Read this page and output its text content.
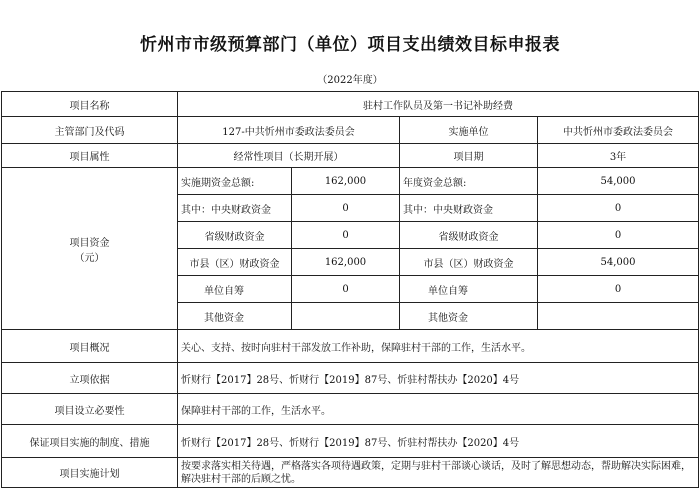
忻州市市级预算部门（单位）项目支出绩效目标申报表
（2022年度）
项目名称	驻村工作队员及第一书记补助经费			
主管部门及代码	127-中共忻州市委政法委员会		实施单位	中共忻州市委政法委员会
项目属性	经常性项目（长期开展）		项目期	3年

项目资金
（元）	实施期资金总额:	162,000	年度资金总额:	54,000
	其中：中央财政资金	0	其中：中央财政资金	0
	省级财政资金	0	省级财政资金	0
	市县（区）财政资金	162,000	市县（区）财政资金	54,000
	单位自筹	0	单位自筹	0
	其他资金		其他资金	
项目概况	关心、支持、按时向驻村干部发放工作补助，保障驻村干部的工作，生活水平。			
立项依据	忻财行【2017】28号、忻财行【2019】87号、忻驻村帮扶办【2020】4号			
项目设立必要性	保障驻村干部的工作，生活水平。			
保证项目实施的制度、措施	忻财行【2017】28号、忻财行【2019】87号、忻驻村帮扶办【2020】4号			
项目实施计划	按要求落实相关待遇，严格落实各项待遇政策，定期与驻村干部谈心谈话，及时了解思想动态，帮助解决实际困难，解决驻村干部的后顾之忧。			
